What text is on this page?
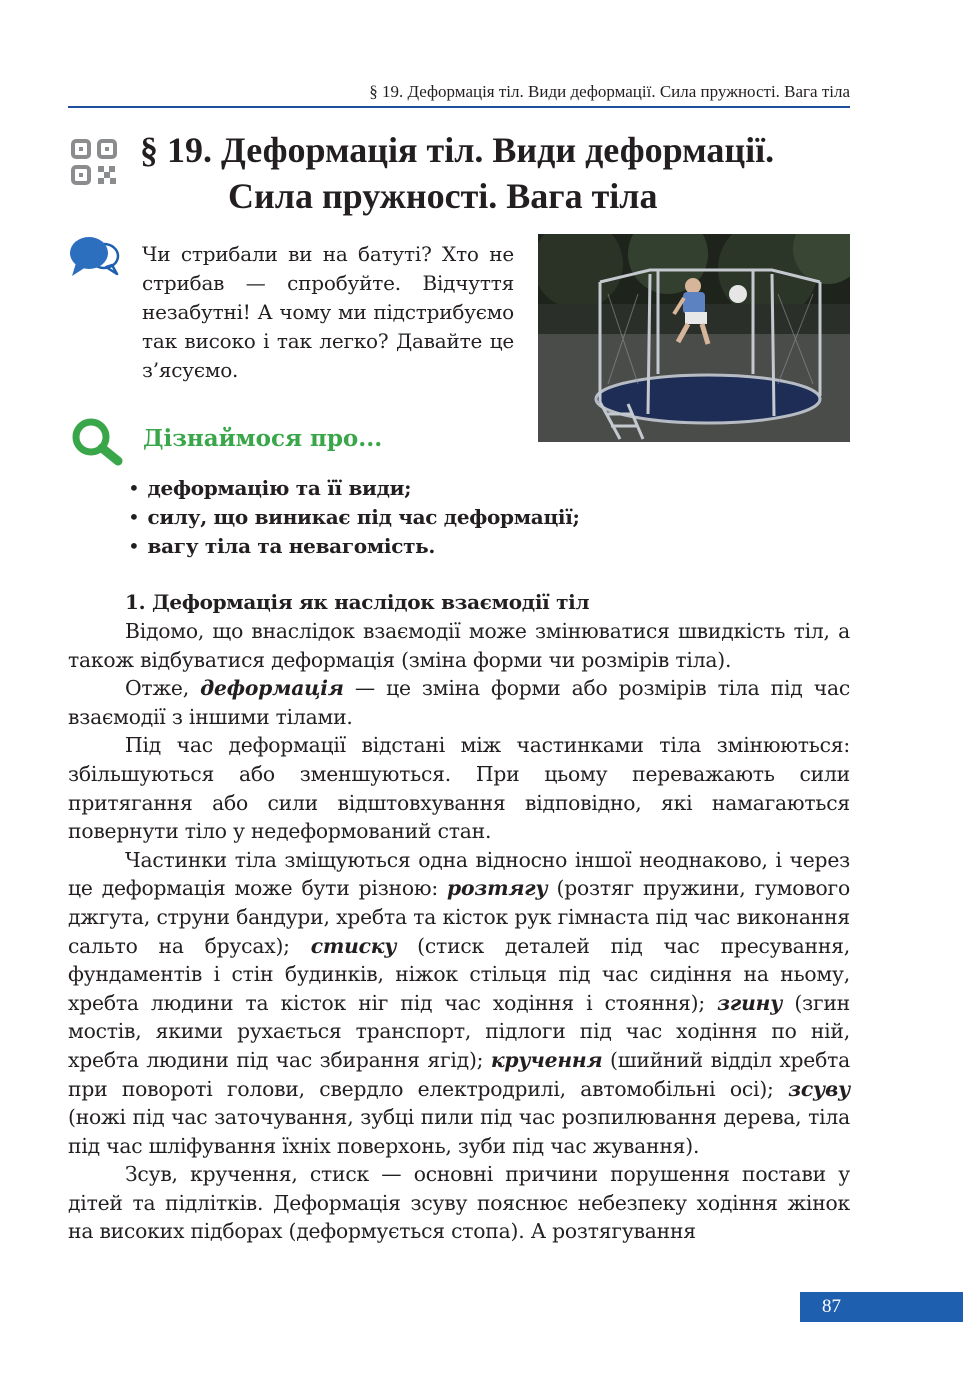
§ 19. Деформація тіл. Види деформації. Сила пружності. Вага тіла
§ 19. Деформація тіл. Види деформації.
Сила пружності. Вага тіла
Чи стрибали ви на батуті? Хто не стрибав — спробуйте. Відчуття незабутні! А чому ми підстрибуємо так високо і так легко? Давайте це з’ясуємо.
Дізнаймося про...
• деформацію та її види;
• силу, що виникає під час деформації;
• вагу тіла та невагомість.
1. Деформація як наслідок взаємодії тіл

Відомо, що внаслідок взаємодії може змінюватися швидкість тіл, а також відбуватися деформація (зміна форми чи розмірів тіла).

Отже, деформація — це зміна форми або розмірів тіла під час взаємодії з іншими тілами.

Під час деформації відстані між частинками тіла змінюються: збільшуються або зменшуються. При цьому переважають сили притягання або сили відштовхування відповідно, які намагаються повернути тіло у недеформований стан.

Частинки тіла зміщуються одна відносно іншої неоднаково, і через це деформація може бути різною: розтягу (розтяг пружини, гумового джгута, струни бандури, хребта та кісток рук гімнаста під час виконання сальто на брусах); стиску (стиск деталей під час пресування, фундаментів і стін будинків, ніжок стільця під час сидіння на ньому, хребта людини та кісток ніг під час ходіння і стояння); згину (згин мостів, якими рухається транспорт, підлоги під час ходіння по ній, хребта людини під час збирання ягід); кручення (шийний відділ хребта при повороті голови, свердло електродрилі, автомобільні осі); зсуву (ножі під час заточування, зубці пили під час розпилювання дерева, тіла під час шліфування їхніх поверхонь, зуби під час жування).

Зсув, кручення, стиск — основні причини порушення постави у дітей та підлітків. Деформація зсуву пояснює небезпеку ходіння жінок на високих підборах (деформується стопа). А розтягування

87
